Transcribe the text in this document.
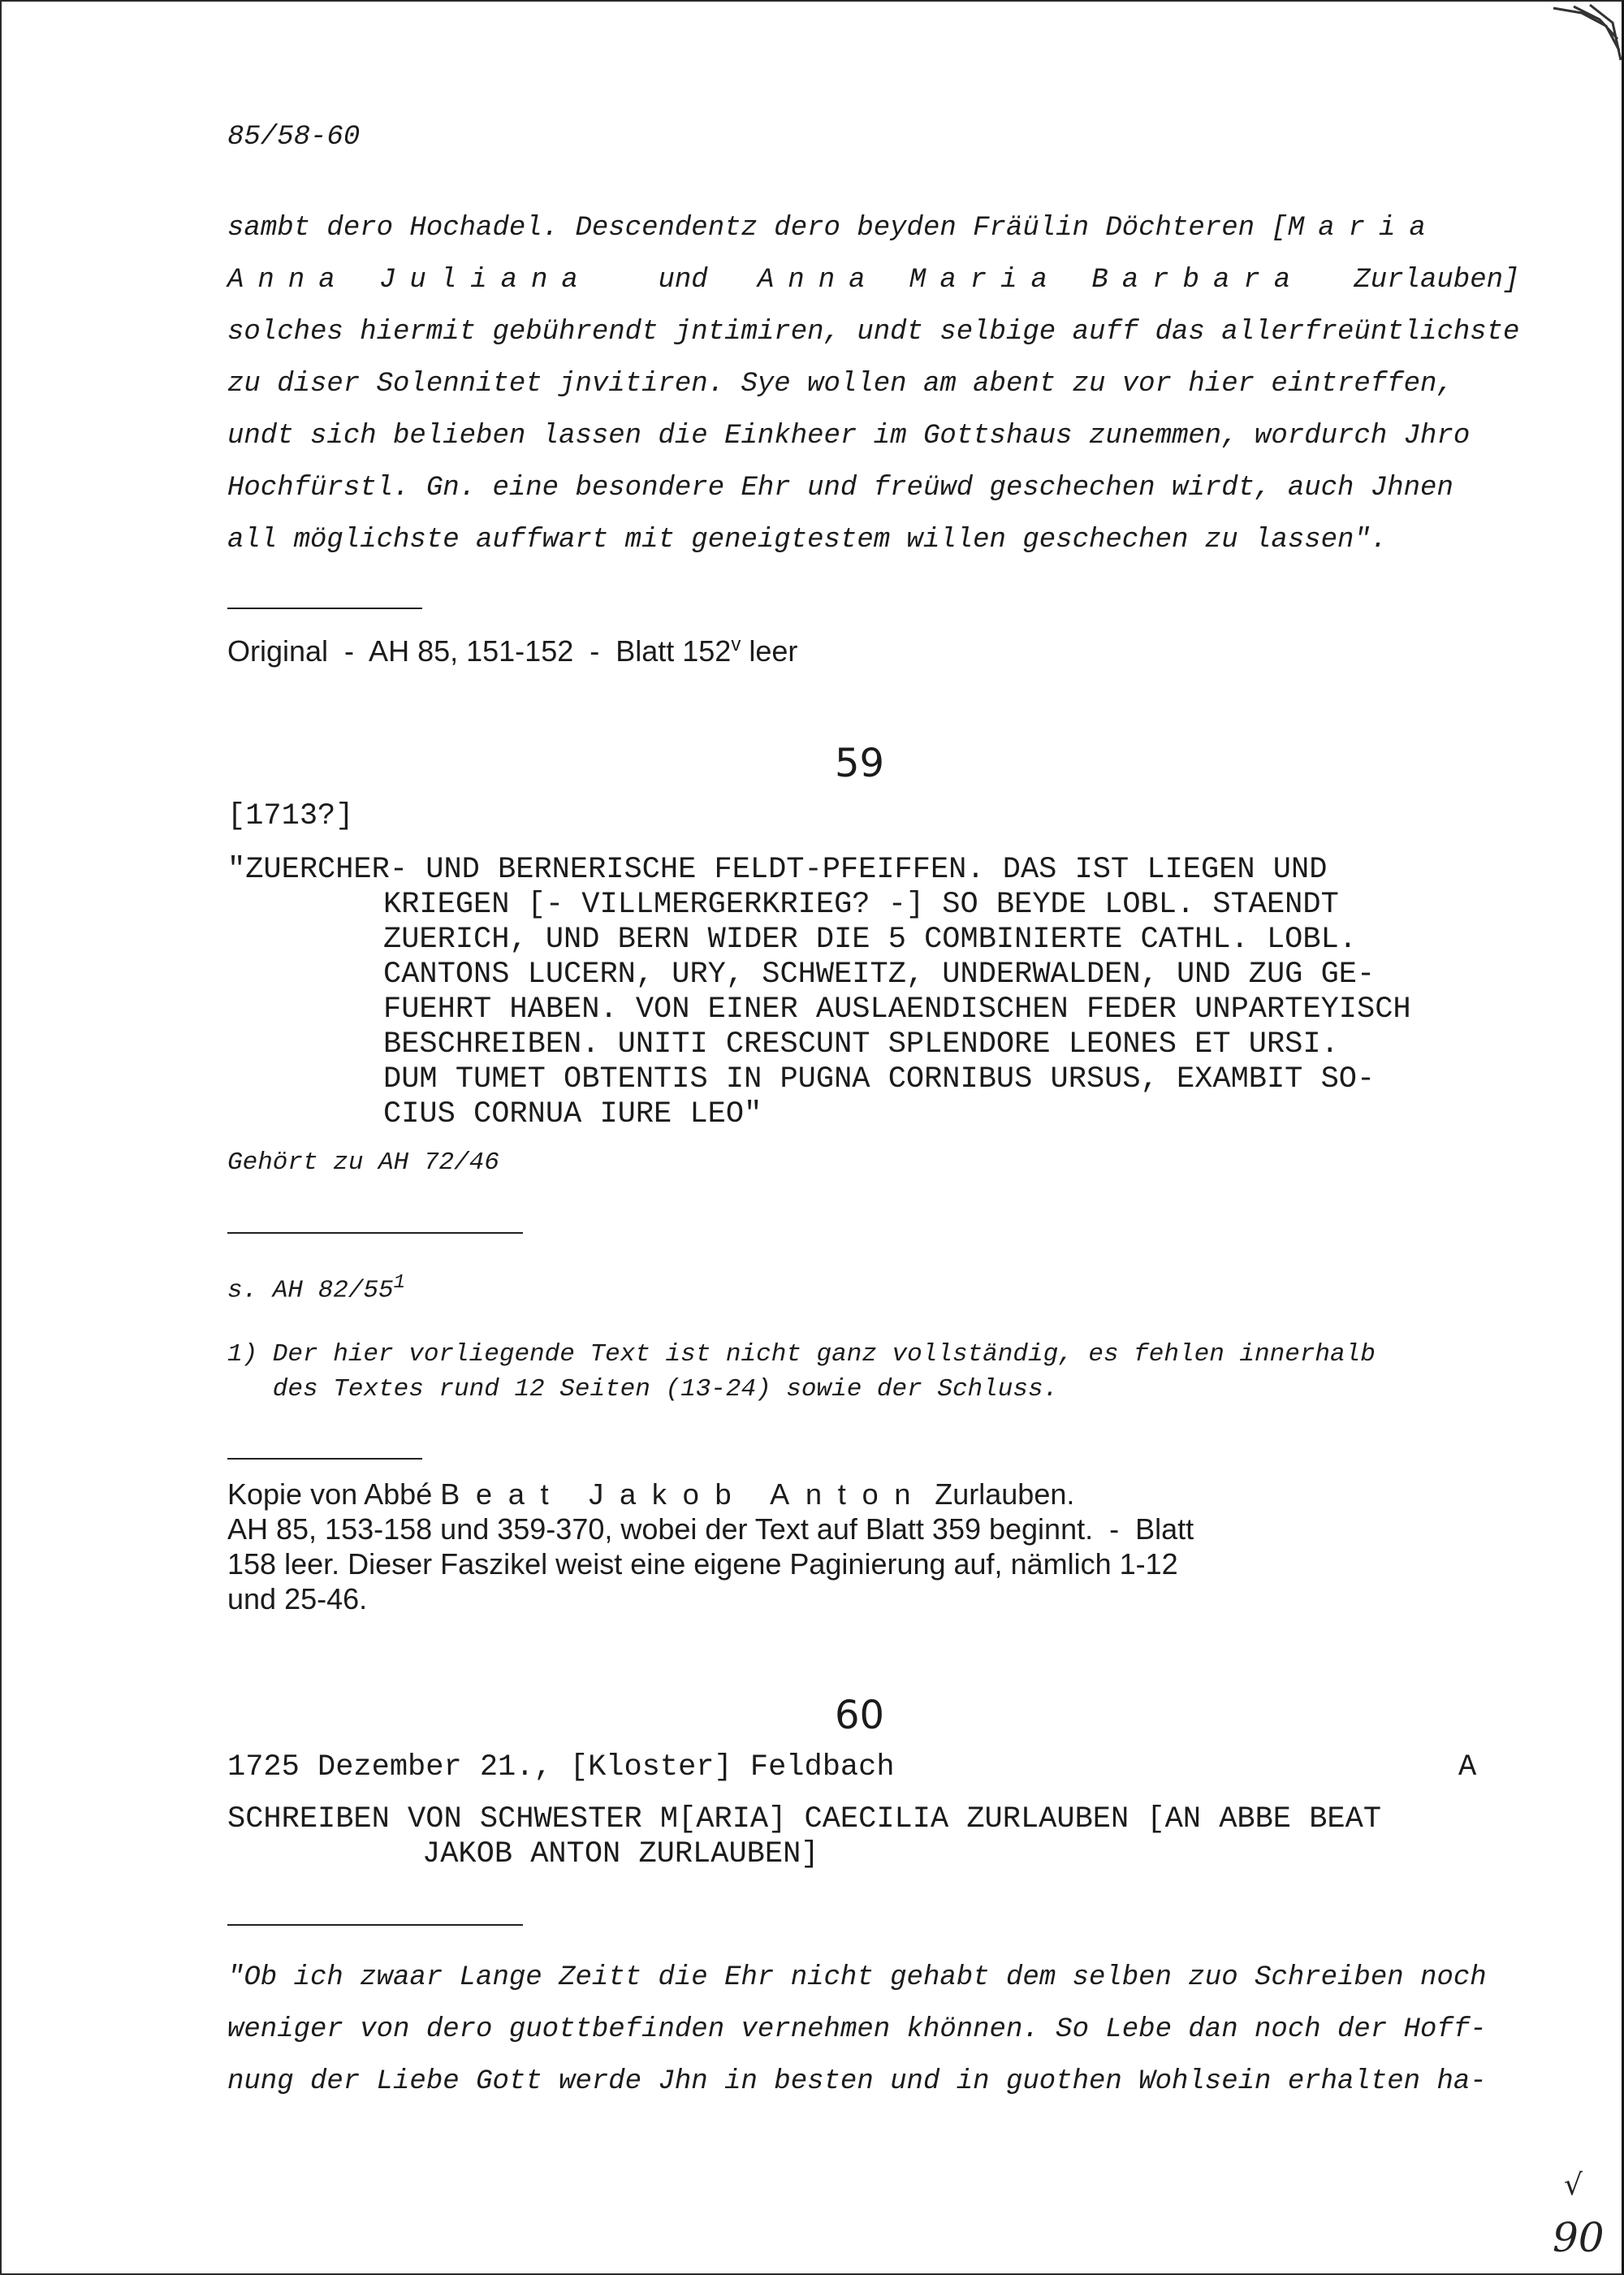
85/58-60
sambt dero Hochadel. Descendentz dero beyden Fräülin Döchteren [Maria
Anna Juliana und Anna Maria Barbara Zurlauben]
solches hiermit gebührendt jntimiren, undt selbige auff das allerfreüntlichste
zu diser Solennitet jnvitiren. Sye wollen am abent zu vor hier eintreffen,
undt sich belieben lassen die Einkheer im Gottshaus zunemmen, wordurch Jhro
Hochfürstl. Gn. eine besondere Ehr und freüwd geschechen wirdt, auch Jhnen
all möglichste auffwart mit geneigtestem willen geschechen zu lassen".
Original  -  AH 85, 151-152  -  Blatt 152$^v$ leer
59
[1713?]
"ZUERCHER- UND BERNERISCHE FELDT-PFEIFFEN. DAS IST LIEGEN UND
KRIEGEN [- VILLMERGERKRIEG? -] SO BEYDE LOBL. STAENDT
ZUERICH, UND BERN WIDER DIE 5 COMBINIERTE CATHL. LOBL.
CANTONS LUCERN, URY, SCHWEITZ, UNDERWALDEN, UND ZUG GE-
FUEHRT HABEN. VON EINER AUSLAENDISCHEN FEDER UNPARTEYISCH
BESCHREIBEN. UNITI CRESCUNT SPLENDORE LEONES ET URSI.
DUM TUMET OBTENTIS IN PUGNA CORNIBUS URSUS, EXAMBIT SO-
CIUS CORNUA IURE LEO"
Gehört zu AH 72/46
s. AH $82/55^1$
1) Der hier vorliegende Text ist nicht ganz vollständig, es fehlen innerhalb
des Textes rund 12 Seiten (13-24) sowie der Schluss.
Kopie von Abbé Beat Jakob Anton Zurlauben.
AH 85, 153-158 und 359-370, wobei der Text auf Blatt 359 beginnt.  -  Blatt
158 leer. Dieser Faszikel weist eine eigene Paginierung auf, nämlich 1-12
und 25-46.
60
1725 Dezember 21., [Kloster] Feldbach	A
SCHREIBEN VON SCHWESTER M[ARIA] CAECILIA ZURLAUBEN [AN ABBE BEAT
JAKOB ANTON ZURLAUBEN]
"Ob ich zwaar Lange Zeitt die Ehr nicht gehabt dem selben zuo Schreiben noch
weniger von dero guottbefinden vernehmen khönnen. So Lebe dan noch der Hoff-
nung der Liebe Gott werde Jhn in besten und in guothen Wohlsein erhalten ha-
√
90
